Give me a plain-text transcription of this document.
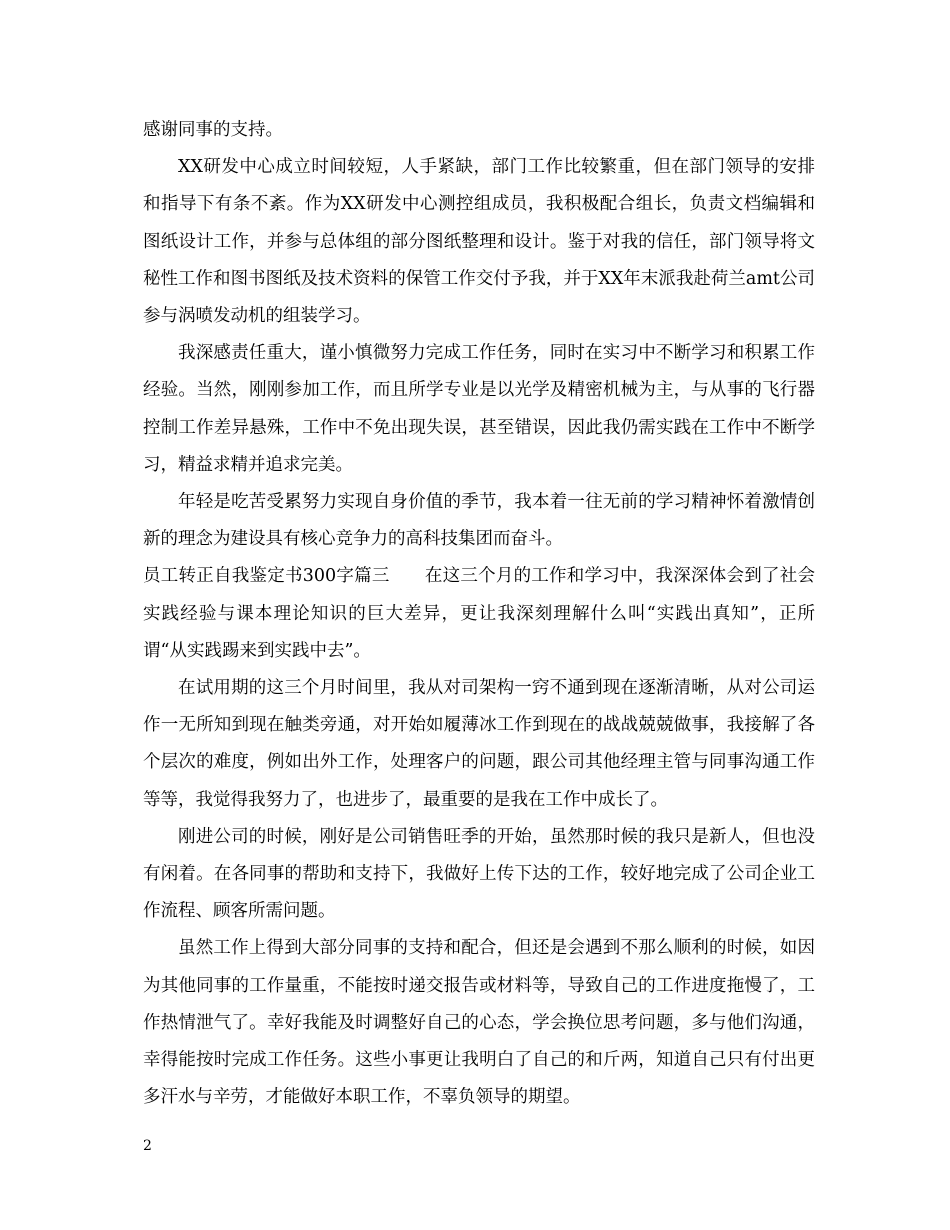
感谢同事的支持。

XX研发中心成立时间较短，人手紧缺，部门工作比较繁重，但在部门领导的安排和指导下有条不紊。作为XX研发中心测控组成员，我积极配合组长，负责文档编辑和图纸设计工作，并参与总体组的部分图纸整理和设计。鉴于对我的信任，部门领导将文秘性工作和图书图纸及技术资料的保管工作交付予我，并于XX年末派我赴荷兰amt公司参与涡喷发动机的组装学习。

我深感责任重大，谨小慎微努力完成工作任务，同时在实习中不断学习和积累工作经验。当然，刚刚参加工作，而且所学专业是以光学及精密机械为主，与从事的飞行器控制工作差异悬殊，工作中不免出现失误，甚至错误，因此我仍需实践在工作中不断学习，精益求精并追求完美。

年轻是吃苦受累努力实现自身价值的季节，我本着一往无前的学习精神怀着激情创新的理念为建设具有核心竞争力的高科技集团而奋斗。

员工转正自我鉴定书300字篇三   在这三个月的工作和学习中，我深深体会到了社会实践经验与课本理论知识的巨大差异，更让我深刻理解什么叫“实践出真知”，正所谓“从实践踢来到实践中去”。

在试用期的这三个月时间里，我从对司架构一窍不通到现在逐渐清晰，从对公司运作一无所知到现在触类旁通，对开始如履薄冰工作到现在的战战兢兢做事，我接解了各个层次的难度，例如出外工作，处理客户的问题，跟公司其他经理主管与同事沟通工作等等，我觉得我努力了，也进步了，最重要的是我在工作中成长了。

刚进公司的时候，刚好是公司销售旺季的开始，虽然那时候的我只是新人，但也没有闲着。在各同事的帮助和支持下，我做好上传下达的工作，较好地完成了公司企业工作流程、顾客所需问题。

虽然工作上得到大部分同事的支持和配合，但还是会遇到不那么顺利的时候，如因为其他同事的工作量重，不能按时递交报告或材料等，导致自己的工作进度拖慢了，工作热情泄气了。幸好我能及时调整好自己的心态，学会换位思考问题，多与他们沟通，幸得能按时完成工作任务。这些小事更让我明白了自己的和斤两，知道自己只有付出更多汗水与辛劳，才能做好本职工作，不辜负领导的期望。

2
